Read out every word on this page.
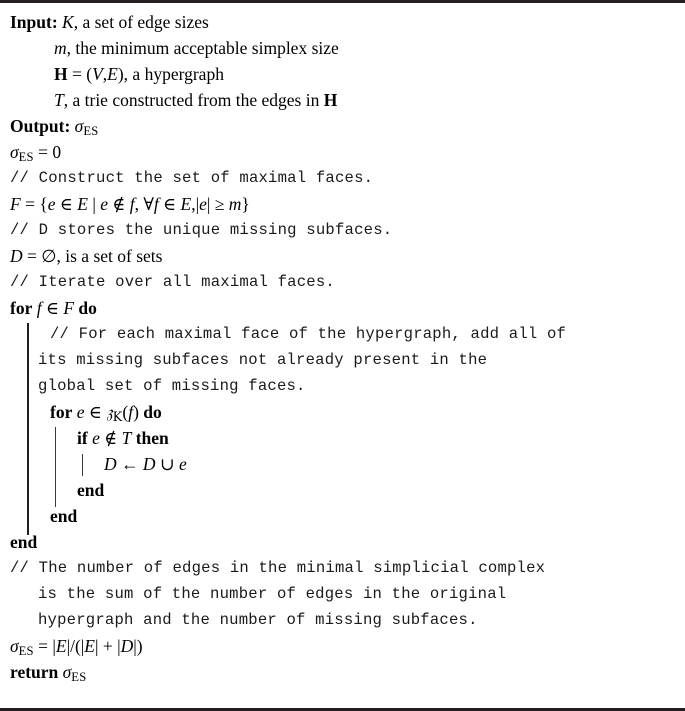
Input: K, a set of edge sizes
m, the minimum acceptable simplex size
H = (V,E), a hypergraph
T, a trie constructed from the edges in H
Output: $\sigma_{ES}$
$\sigma_{ES} = 0$
// Construct the set of maximal faces.
F = {e ∈ E | e ∉ f, ∀f ∈ E,|e| ≥ m}
// D stores the unique missing subfaces.
D = ∅, is a set of sets
// Iterate over all maximal faces.
for f ∈ F do
// For each maximal face of the hypergraph, add all of
its missing subfaces not already present in the
global set of missing faces.
for e ∈ 𝔷$_K$(f) do
if e ∉ T then
D ← D ∪ e
end
end
end
// The number of edges in the minimal simplicial complex
is the sum of the number of edges in the original
hypergraph and the number of missing subfaces.
$\sigma_{ES} = |E|/(|E| + |D|)$
return $\sigma_{ES}$
